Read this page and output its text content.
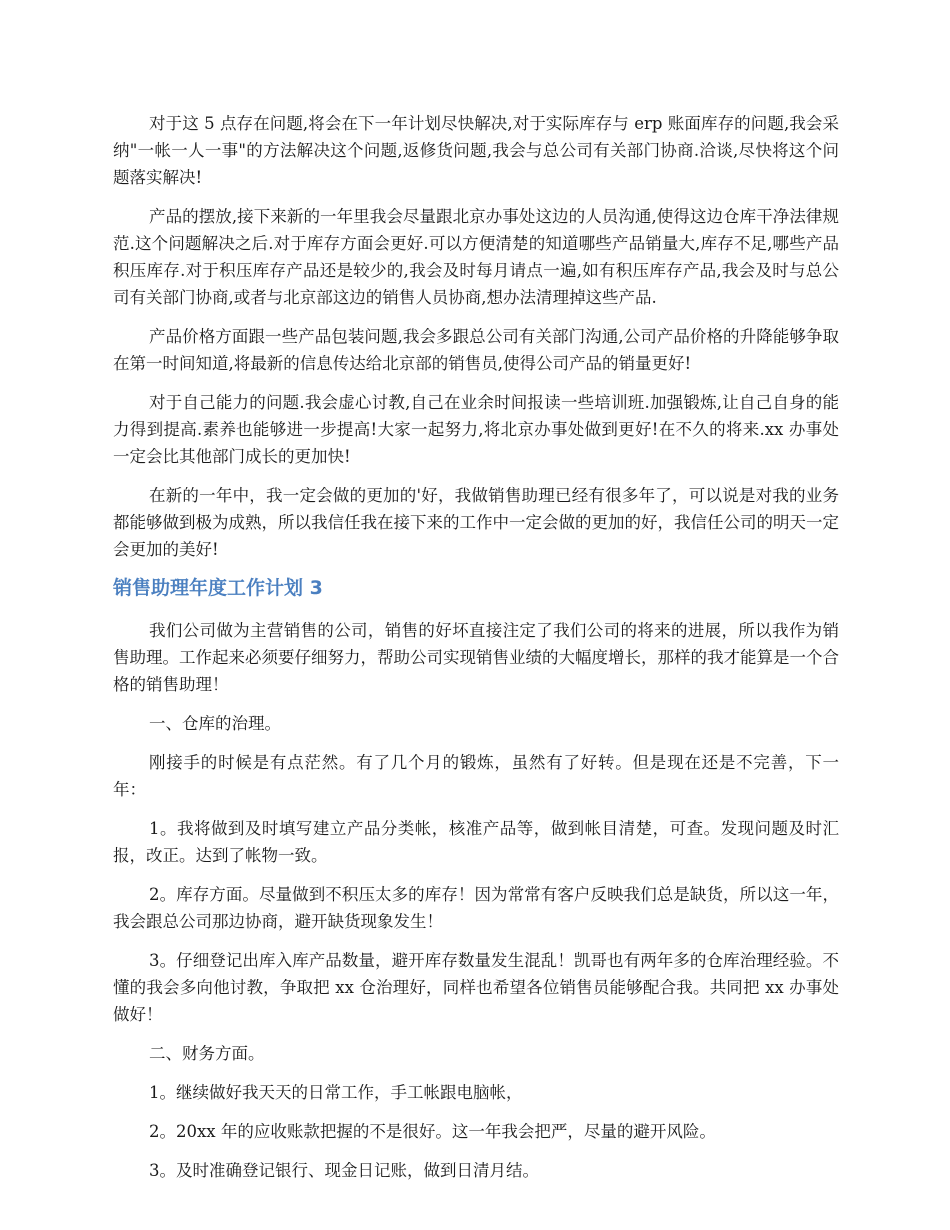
对于这 5 点存在问题,将会在下一年计划尽快解决,对于实际库存与 erp 账面库存的问题,我会采纳"一帐一人一事"的方法解决这个问题,返修货问题,我会与总公司有关部门协商.洽谈,尽快将这个问题落实解决!

产品的摆放,接下来新的一年里我会尽量跟北京办事处这边的人员沟通,使得这边仓库干净法律规范.这个问题解决之后.对于库存方面会更好.可以方便清楚的知道哪些产品销量大,库存不足,哪些产品积压库存.对于积压库存产品还是较少的,我会及时每月请点一遍,如有积压库存产品,我会及时与总公司有关部门协商,或者与北京部这边的销售人员协商,想办法清理掉这些产品.

产品价格方面跟一些产品包装问题,我会多跟总公司有关部门沟通,公司产品价格的升降能够争取在第一时间知道,将最新的信息传达给北京部的销售员,使得公司产品的销量更好!

对于自己能力的问题.我会虚心讨教,自己在业余时间报读一些培训班.加强锻炼,让自己自身的能力得到提高.素养也能够进一步提高!大家一起努力,将北京办事处做到更好!在不久的将来.xx 办事处一定会比其他部门成长的更加快!

在新的一年中，我一定会做的更加的'好，我做销售助理已经有很多年了，可以说是对我的业务都能够做到极为成熟，所以我信任我在接下来的工作中一定会做的更加的好，我信任公司的明天一定会更加的美好!

销售助理年度工作计划 3

我们公司做为主营销售的公司，销售的好坏直接注定了我们公司的将来的进展，所以我作为销售助理。工作起来必须要仔细努力，帮助公司实现销售业绩的大幅度增长，那样的我才能算是一个合格的销售助理！

一、仓库的治理。

刚接手的时候是有点茫然。有了几个月的锻炼，虽然有了好转。但是现在还是不完善，下一年：

1。我将做到及时填写建立产品分类帐，核准产品等，做到帐目清楚，可查。发现问题及时汇报，改正。达到了帐物一致。

2。库存方面。尽量做到不积压太多的库存！因为常常有客户反映我们总是缺货，所以这一年，我会跟总公司那边协商，避开缺货现象发生！

3。仔细登记出库入库产品数量，避开库存数量发生混乱！凯哥也有两年多的仓库治理经验。不懂的我会多向他讨教，争取把 xx 仓治理好，同样也希望各位销售员能够配合我。共同把 xx 办事处做好！

二、财务方面。

1。继续做好我天天的日常工作，手工帐跟电脑帐，

2。20xx 年的应收账款把握的不是很好。这一年我会把严，尽量的避开风险。

3。及时准确登记银行、现金日记账，做到日清月结。
